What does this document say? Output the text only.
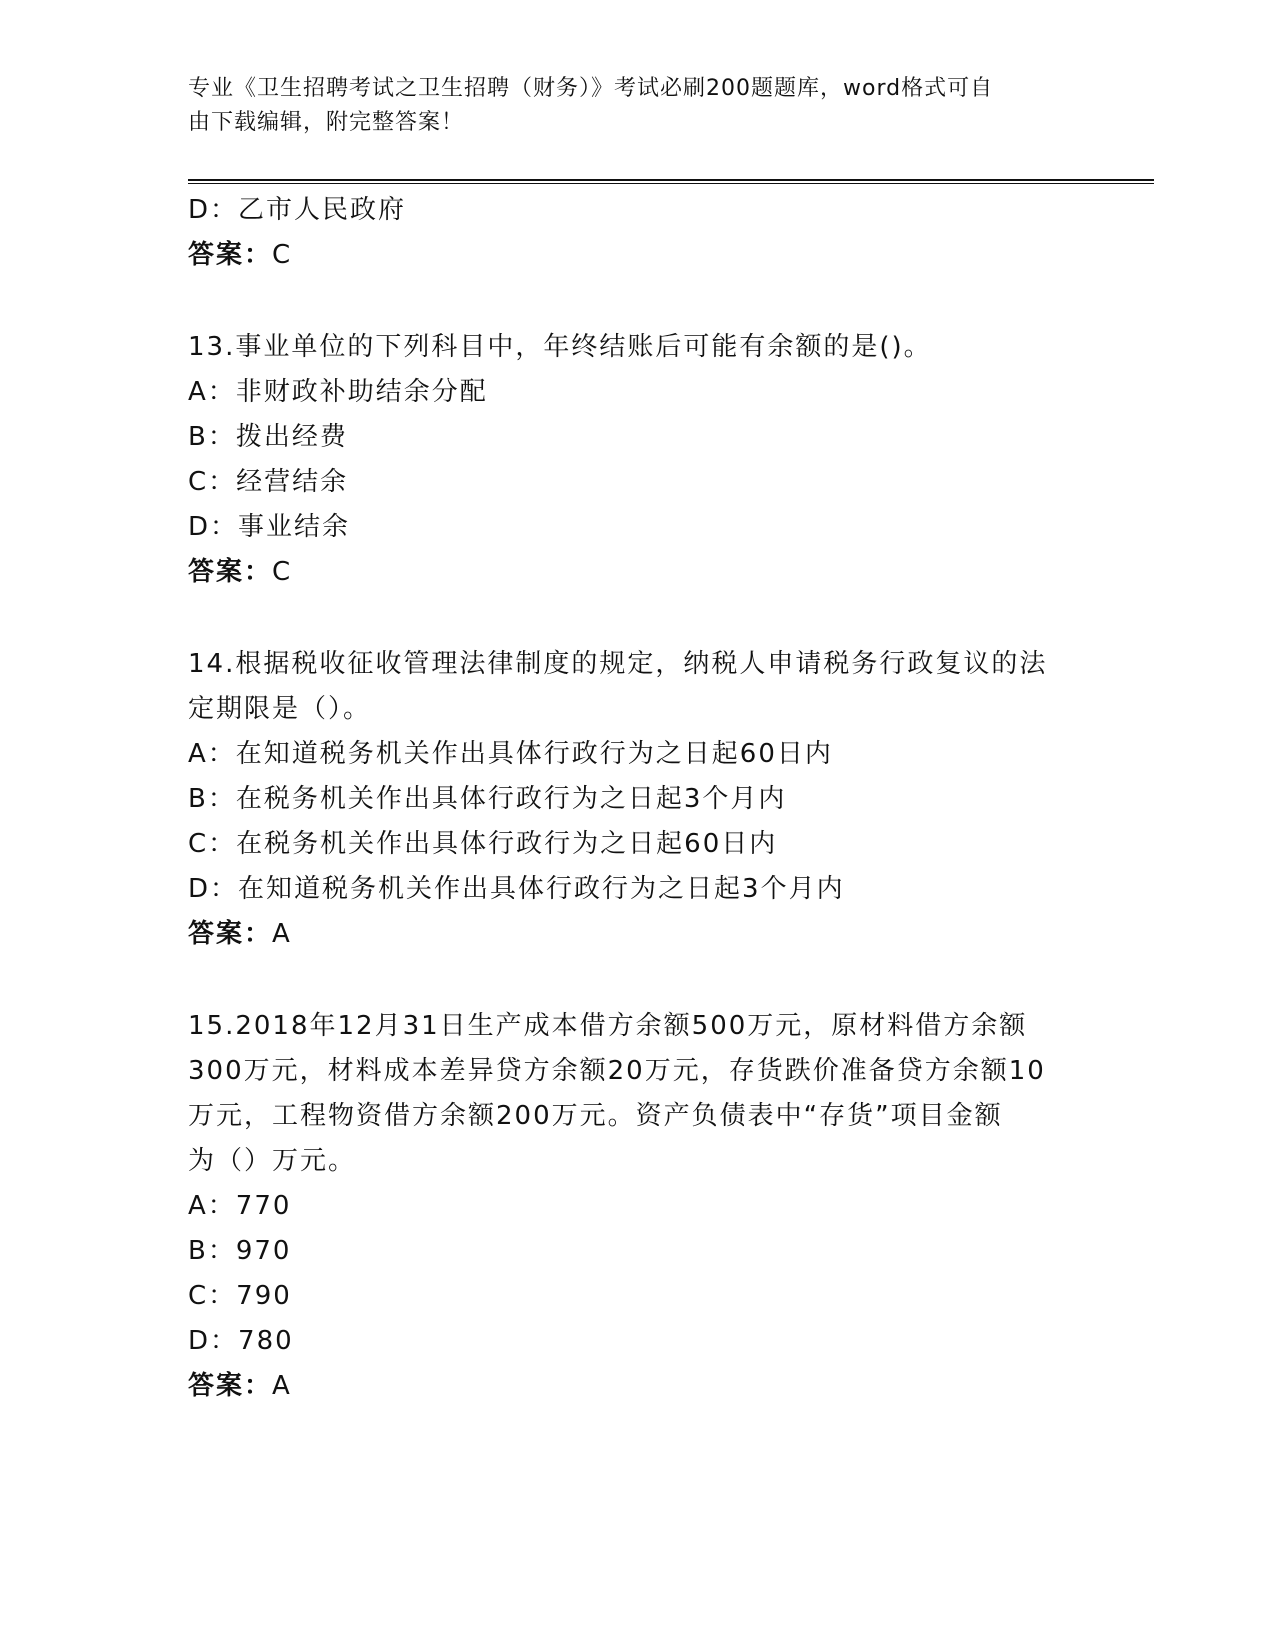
专业《卫生招聘考试之卫生招聘（财务）》考试必刷200题题库，word格式可自
由下载编辑，附完整答案！
D：乙市人民政府
答案：C
13.事业单位的下列科目中，年终结账后可能有余额的是()。
A：非财政补助结余分配
B：拨出经费
C：经营结余
D：事业结余
答案：C
14.根据税收征收管理法律制度的规定，纳税人申请税务行政复议的法
定期限是（）。
A：在知道税务机关作出具体行政行为之日起60日内
B：在税务机关作出具体行政行为之日起3个月内
C：在税务机关作出具体行政行为之日起60日内
D：在知道税务机关作出具体行政行为之日起3个月内
答案：A
15.2018年12月31日生产成本借方余额500万元，原材料借方余额
300万元，材料成本差异贷方余额20万元，存货跌价准备贷方余额10
万元，工程物资借方余额200万元。资产负债表中“存货”项目金额
为（）万元。
A：770
B：970
C：790
D：780
答案：A
